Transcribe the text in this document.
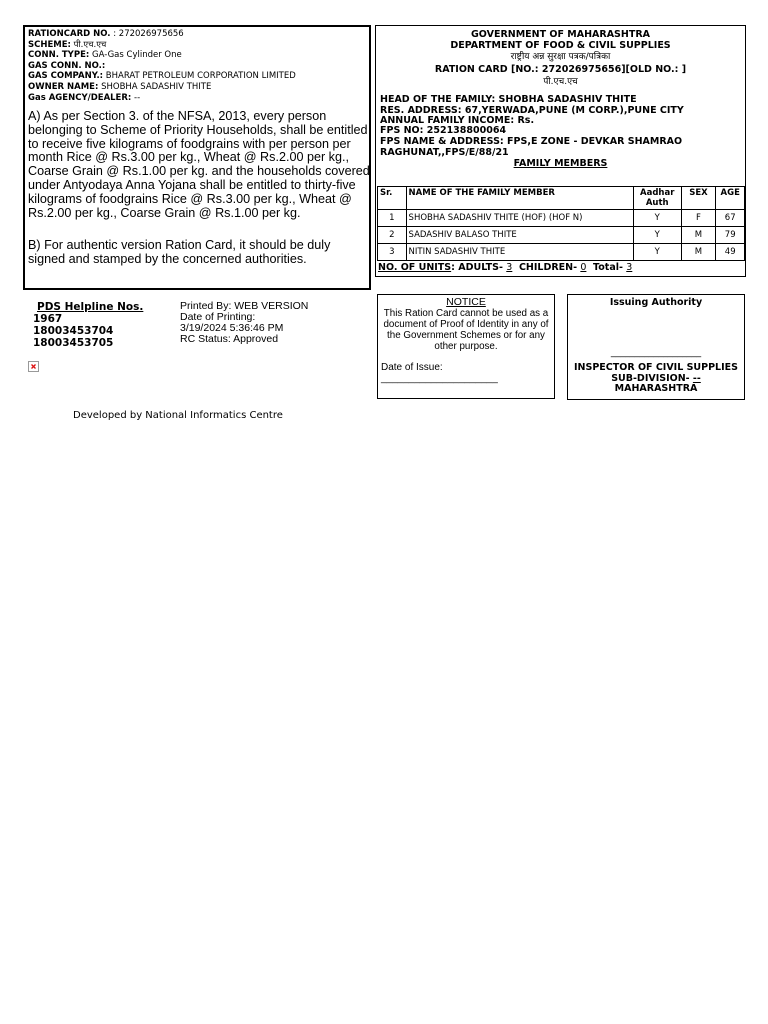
RATIONCARD NO. : 272026975656
SCHEME: पी.एच.एच
CONN. TYPE: GA-Gas Cylinder One
GAS CONN. NO.:
GAS COMPANY.: BHARAT PETROLEUM CORPORATION LIMITED
OWNER NAME: SHOBHA SADASHIV THITE
Gas AGENCY/DEALER: --
A) As per Section 3. of the NFSA, 2013, every person belonging to Scheme of Priority Households, shall be entitled to receive five kilograms of foodgrains with per person per month Rice @ Rs.3.00 per kg., Wheat @ Rs.2.00 per kg., Coarse Grain @ Rs.1.00 per kg. and the households covered under Antyodaya Anna Yojana shall be entitled to thirty-five kilograms of foodgrains Rice @ Rs.3.00 per kg., Wheat @ Rs.2.00 per kg., Coarse Grain @ Rs.1.00 per kg.
B) For authentic version Ration Card, it should be duly signed and stamped by the concerned authorities.
GOVERNMENT OF MAHARASHTRA
DEPARTMENT OF FOOD & CIVIL SUPPLIES
राष्ट्रीय अन्न सुरक्षा पत्रक/पत्रिका
RATION CARD [NO.: 272026975656][OLD NO.: ]
पी.एच.एच
HEAD OF THE FAMILY: SHOBHA SADASHIV THITE
RES. ADDRESS: 67,YERWADA,PUNE (M CORP.),PUNE CITY
ANNUAL FAMILY INCOME: Rs.
FPS NO: 252138800064
FPS NAME & ADDRESS: FPS,E ZONE - DEVKAR SHAMRAO
RAGHUNAT,,FPS/E/88/21
FAMILY MEMBERS
Sr.	NAME OF THE FAMILY MEMBER	Aadhar Auth	SEX	AGE
1	SHOBHA SADASHIV THITE (HOF) (HOF N)	Y	F	67
2	SADASHIV BALASO THITE	Y	M	79
3	NITIN SADASHIV THITE	Y	M	49
NO. OF UNITS: ADULTS- 3 CHILDREN- 0 Total- 3
PDS Helpline Nos.
1967
18003453704
18003453705
Printed By: WEB VERSION
Date of Printing:
3/19/2024 5:36:46 PM
RC Status: Approved
NOTICE
This Ration Card cannot be used as a document of Proof of Identity in any of the Government Schemes or for any other purpose.
Date of Issue:
_____________________
Issuing Authority
___________________
INSPECTOR OF CIVIL SUPPLIES
SUB-DIVISION- --
MAHARASHTRA
Developed by National Informatics Centre
